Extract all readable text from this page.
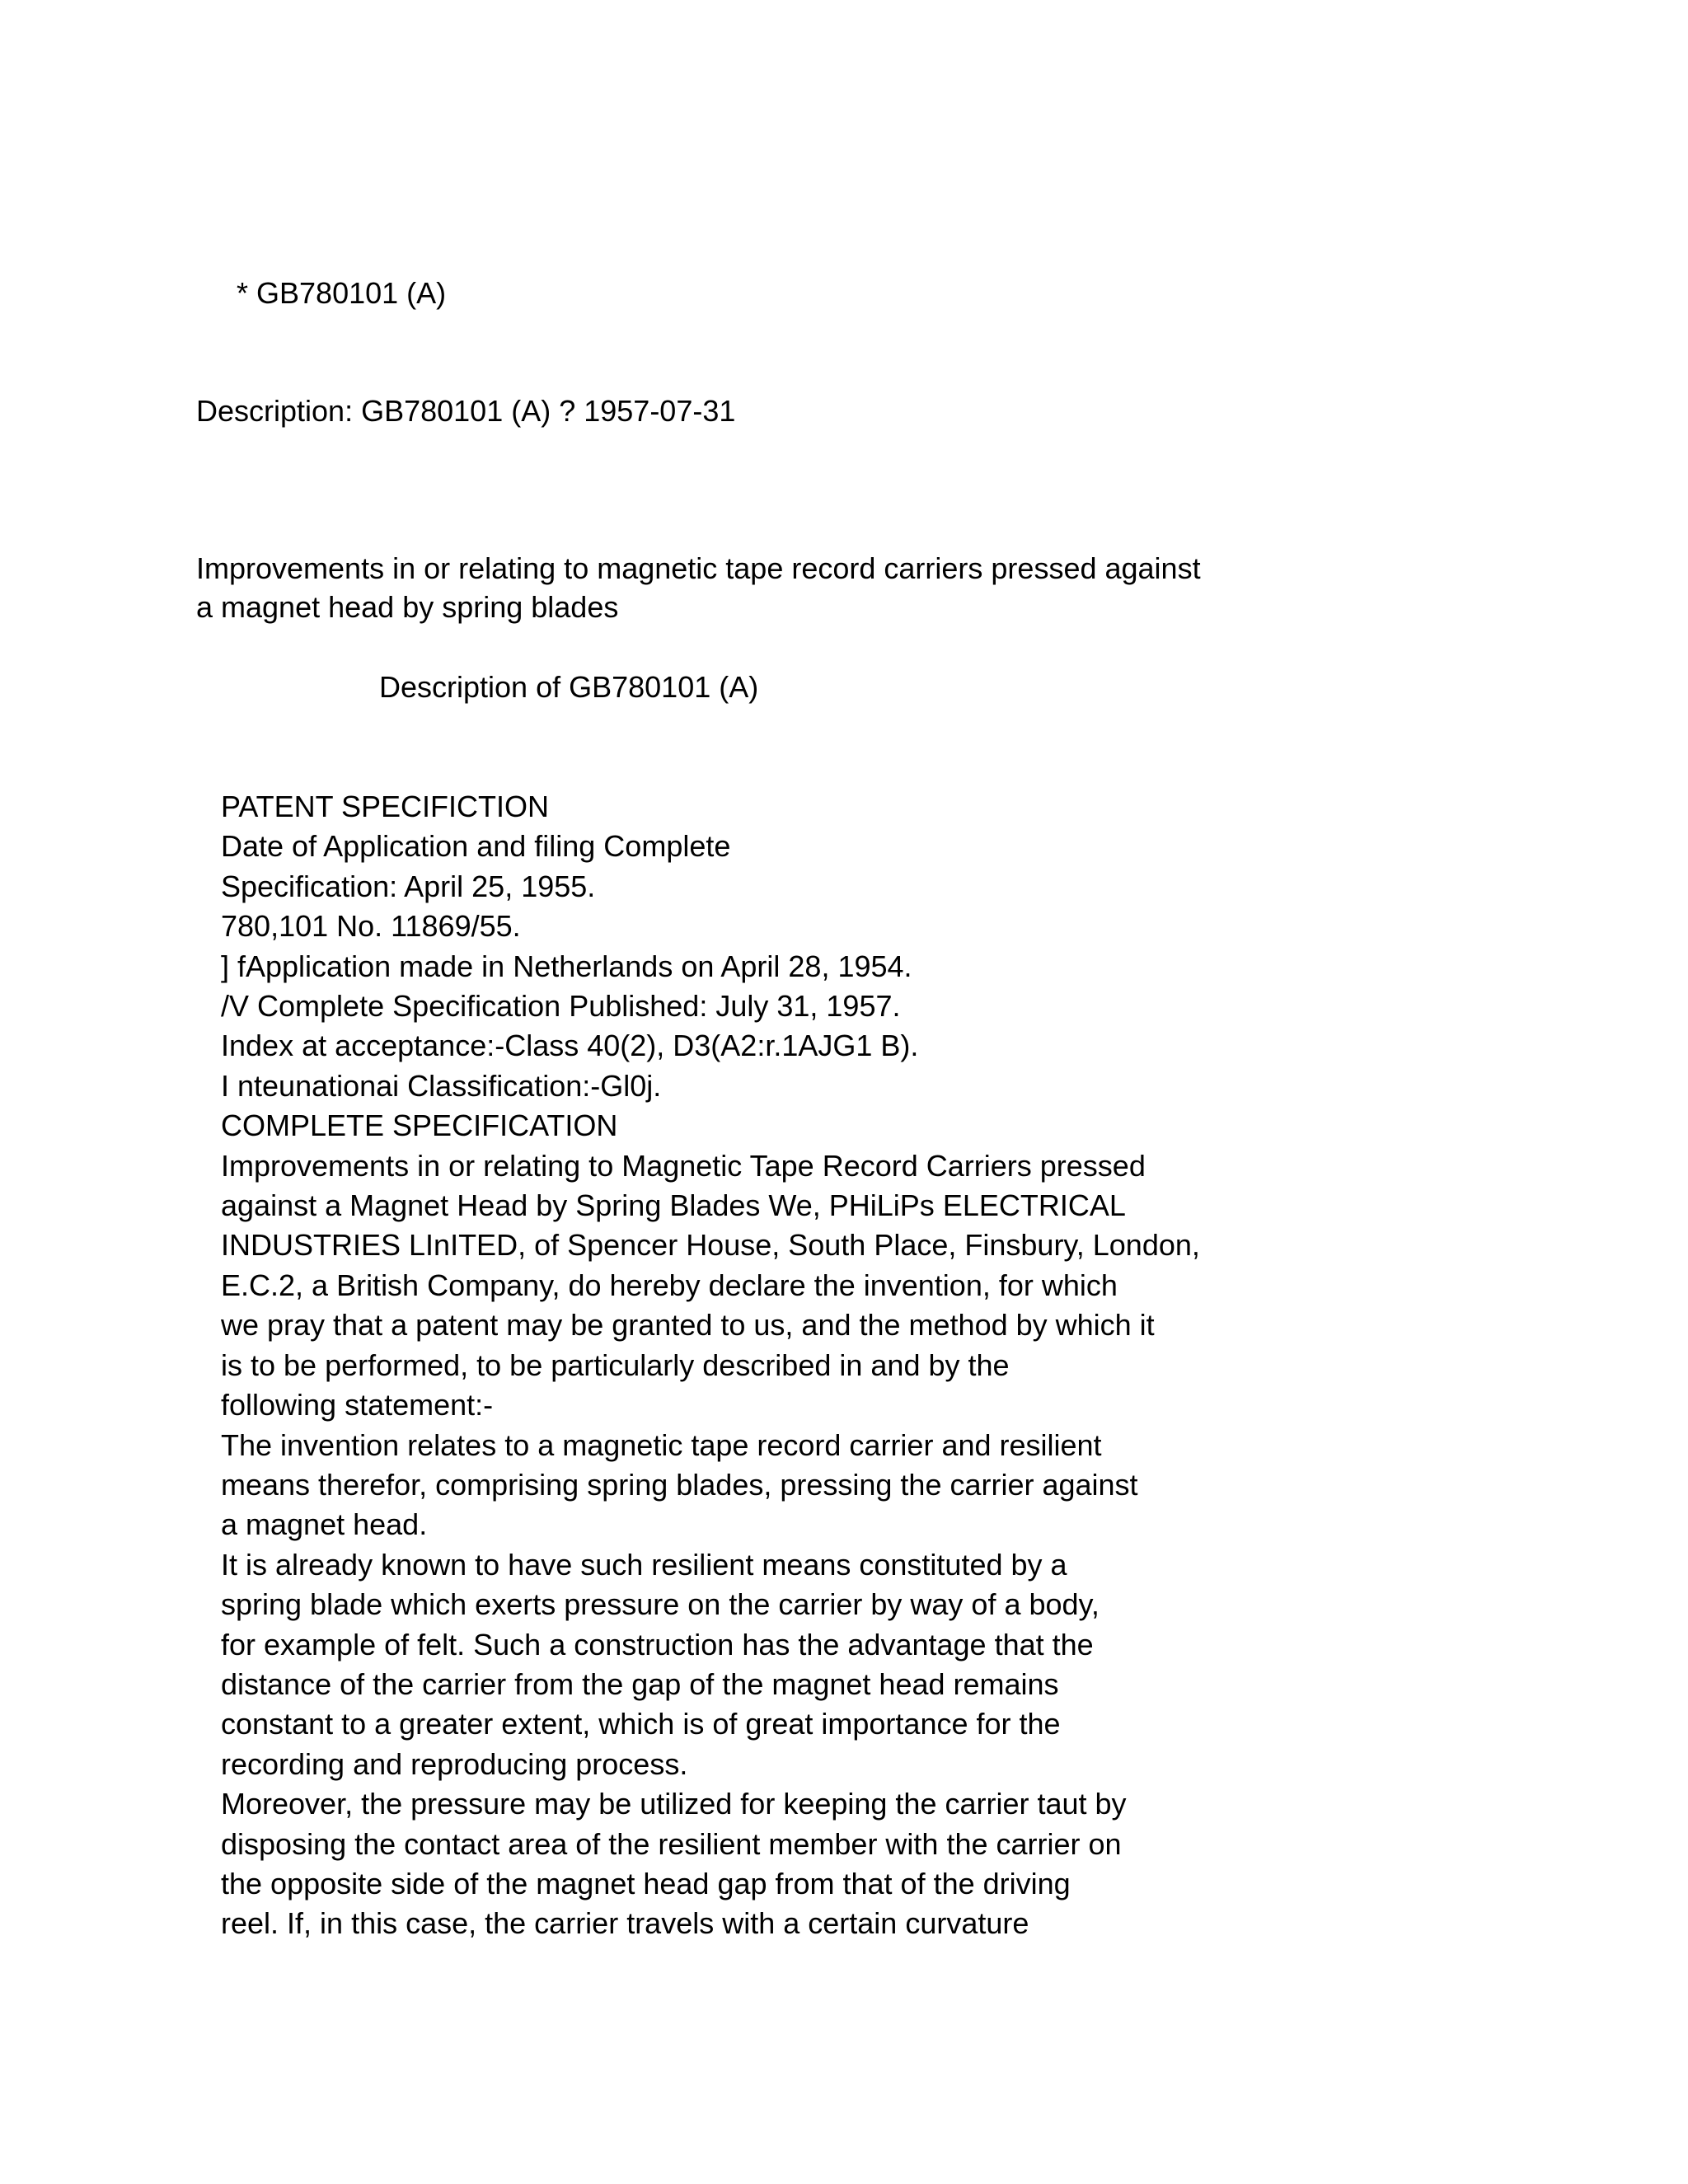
* GB780101 (A)

Description: GB780101 (A) ? 1957-07-31

Improvements in or relating to magnetic tape record carriers pressed against

a magnet head by spring blades

Description of GB780101 (A)

PATENT SPECIFICTION
Date of Application and filing Complete
Specification: April 25, 1955.
780,101 No. 11869/55.
] fApplication made in Netherlands on April 28, 1954.
/V Complete Specification Published: July 31, 1957.
Index at acceptance:-Class 40(2), D3(A2:r.1AJG1 B).
I nteunationai Classification:-Gl0j.
COMPLETE SPECIFICATION
Improvements in or relating to Magnetic Tape Record Carriers pressed
against a Magnet Head by Spring Blades We, PHiLiPs ELECTRICAL
INDUSTRIES LInITED, of Spencer House, South Place, Finsbury, London,
E.C.2, a British Company, do hereby declare the invention, for which
we pray that a patent may be granted to us, and the method by which it
is to be performed, to be particularly described in and by the
following statement:-
The invention relates to a magnetic tape record carrier and resilient
means therefor, comprising spring blades, pressing the carrier against
a magnet head.
It is already known to have such resilient means constituted by a
spring blade which exerts pressure on the carrier by way of a body,
for example of felt. Such a construction has the advantage that the
distance of the carrier from the gap of the magnet head remains
constant to a greater extent, which is of great importance for the
recording and reproducing process.
Moreover, the pressure may be utilized for keeping the carrier taut by
disposing the contact area of the resilient member with the carrier on
the opposite side of the magnet head gap from that of the driving
reel. If, in this case, the carrier travels with a certain curvature
